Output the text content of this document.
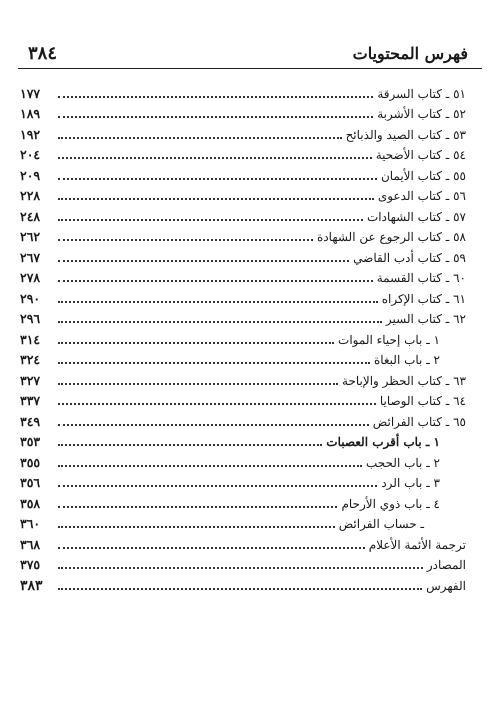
فهرس المحتويات
٣٨٤
٥١ ـ كتاب السرقة
١٧٧
٥٢ ـ كتاب الأشربة
١٨٩
٥٣ ـ كتاب الصيد والذبائح
١٩٢
٥٤ ـ كتاب الأضحية
٢٠٤
٥٥ ـ كتاب الأيمان
٢٠٩
٥٦ ـ كتاب الدعوى
٢٢٨
٥٧ ـ كتاب الشهادات
٢٤٨
٥٨ ـ كتاب الرجوع عن الشهادة
٢٦٢
٥٩ ـ كتاب أدب القاضي
٢٦٧
٦٠ ـ كتاب القسمة
٢٧٨
٦١ ـ كتاب الإكراه
٢٩٠
٦٢ ـ كتاب السير
٢٩٦
١ ـ باب إحياء الموات
٣١٤
٢ ـ باب البغاة
٣٢٤
٦٣ ـ كتاب الحظر والإباحة
٣٢٧
٦٤ ـ كتاب الوصايا
٣٣٧
٦٥ ـ كتاب الفرائض
٣٤٩
١ ـ باب أقرب العصبات
٣٥٣
٢ ـ باب الحجب
٣٥٥
٣ ـ باب الرد
٣٥٦
٤ ـ باب ذوي الأرحام
٣٥٨
ـ حساب الفرائض
٣٦٠
ترجمة الأئمة الأعلام
٣٦٨
المصادر
٣٧٥
الفهرس
٣٨٣
